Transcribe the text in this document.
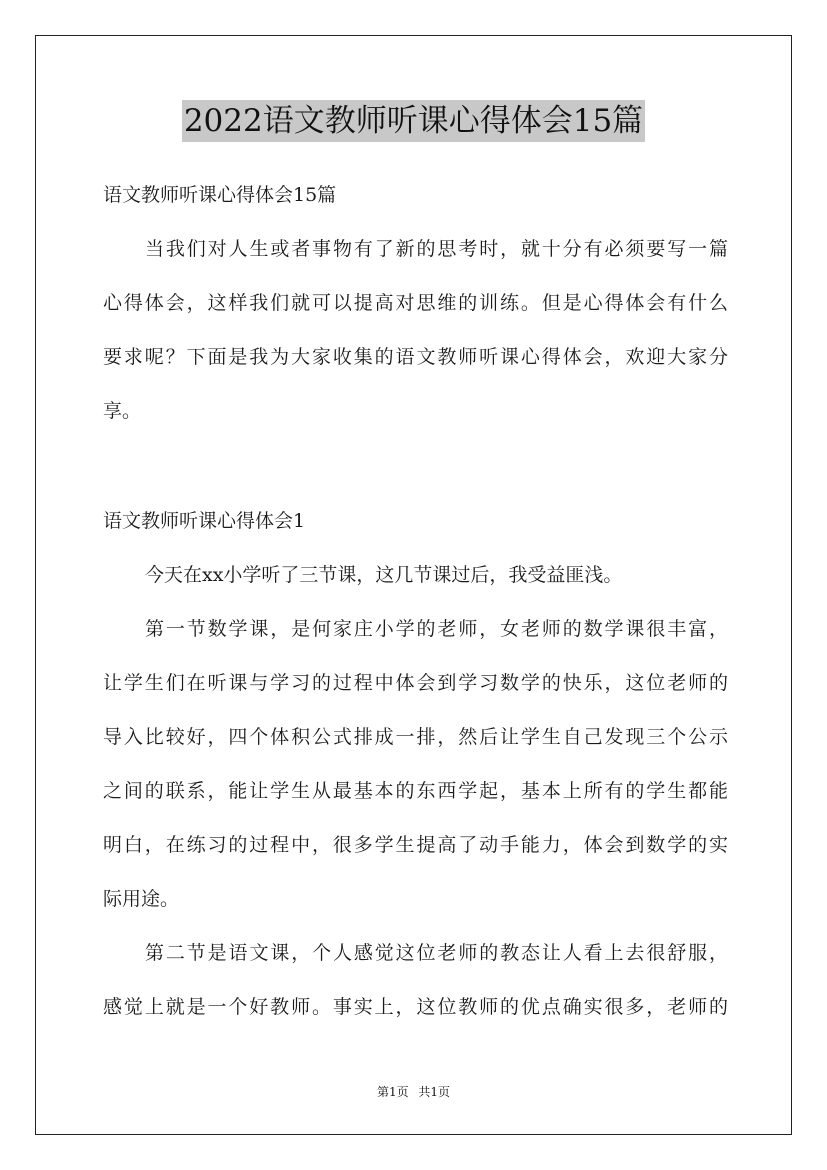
2022语文教师听课心得体会15篇
语文教师听课心得体会15篇
当我们对人生或者事物有了新的思考时，就十分有必须要写一篇
心得体会，这样我们就可以提高对思维的训练。但是心得体会有什么
要求呢？下面是我为大家收集的语文教师听课心得体会，欢迎大家分
享。
语文教师听课心得体会1
今天在xx小学听了三节课，这几节课过后，我受益匪浅。
第一节数学课，是何家庄小学的老师，女老师的数学课很丰富，
让学生们在听课与学习的过程中体会到学习数学的快乐，这位老师的
导入比较好，四个体积公式排成一排，然后让学生自己发现三个公示
之间的联系，能让学生从最基本的东西学起，基本上所有的学生都能
明白，在练习的过程中，很多学生提高了动手能力，体会到数学的实
际用途。
第二节是语文课，个人感觉这位老师的教态让人看上去很舒服，
感觉上就是一个好教师。事实上，这位教师的优点确实很多，老师的
第1页 共1页
